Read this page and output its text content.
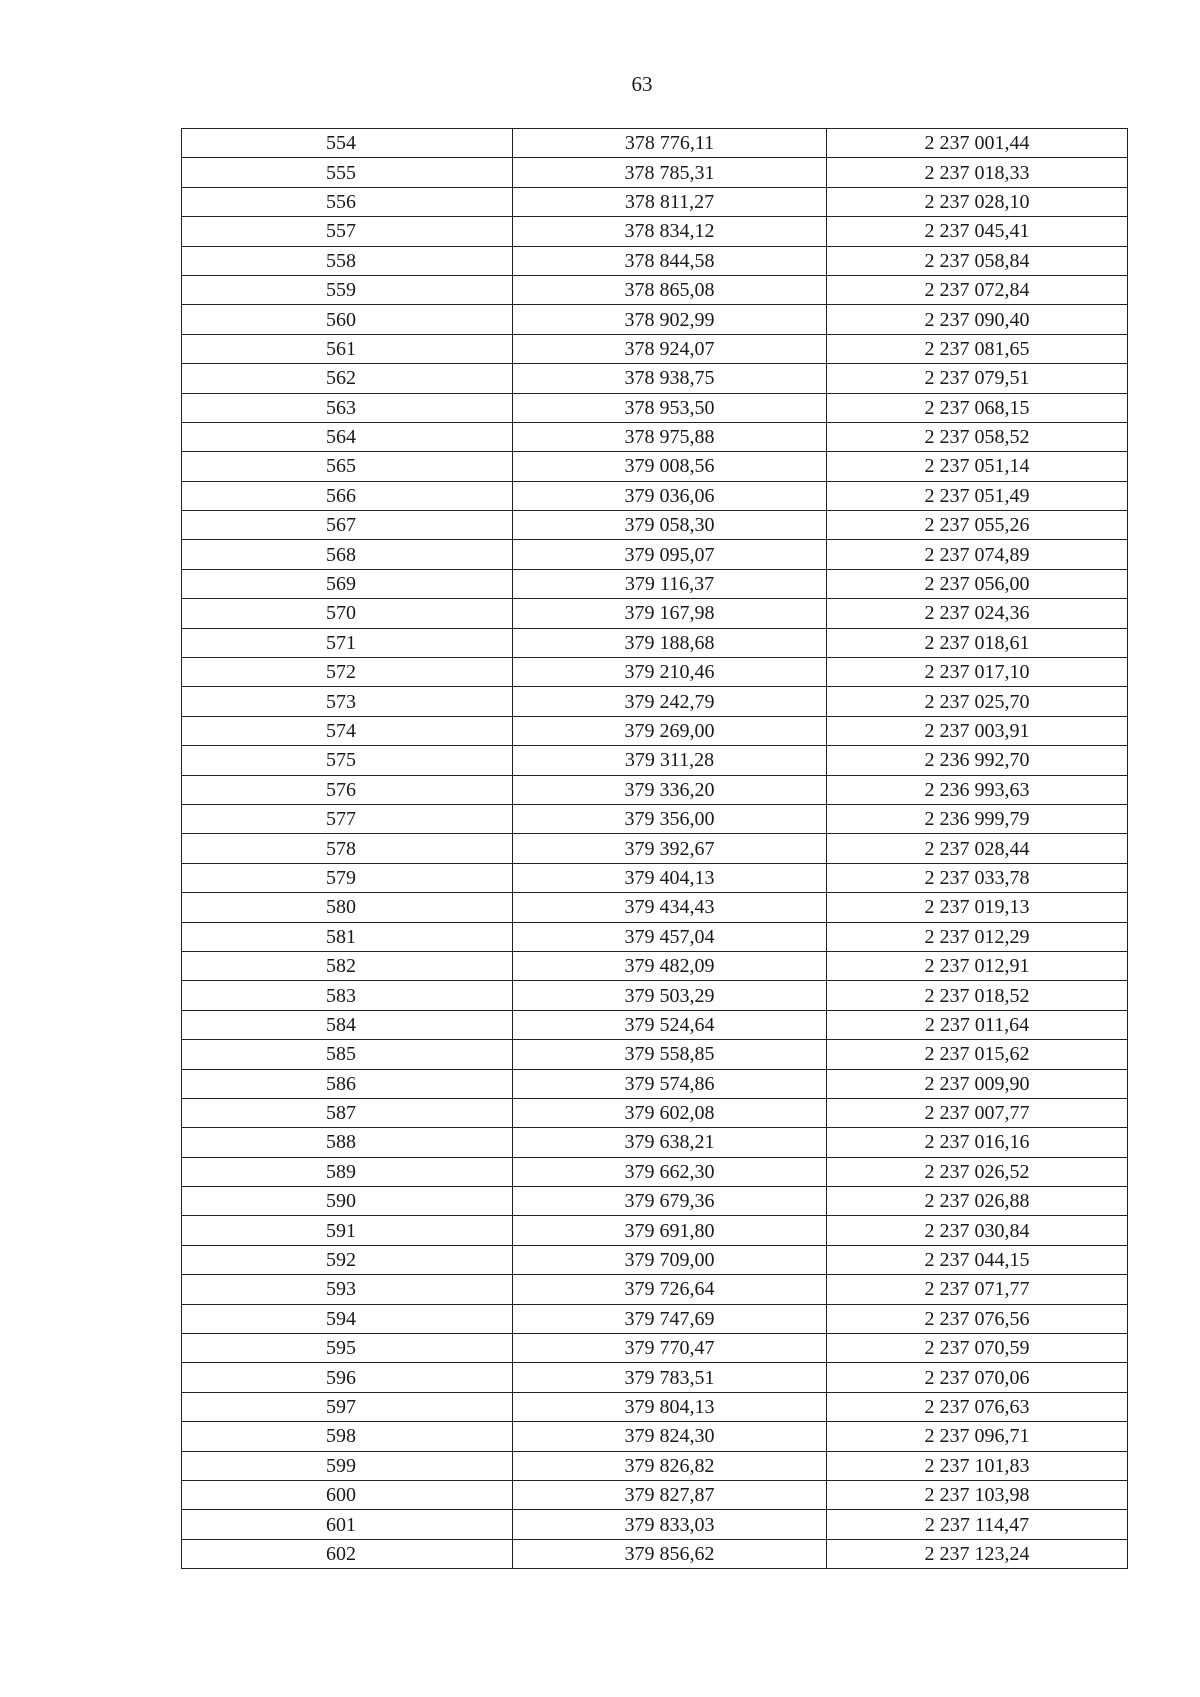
63
554	378 776,11	2 237 001,44
555	378 785,31	2 237 018,33
556	378 811,27	2 237 028,10
557	378 834,12	2 237 045,41
558	378 844,58	2 237 058,84
559	378 865,08	2 237 072,84
560	378 902,99	2 237 090,40
561	378 924,07	2 237 081,65
562	378 938,75	2 237 079,51
563	378 953,50	2 237 068,15
564	378 975,88	2 237 058,52
565	379 008,56	2 237 051,14
566	379 036,06	2 237 051,49
567	379 058,30	2 237 055,26
568	379 095,07	2 237 074,89
569	379 116,37	2 237 056,00
570	379 167,98	2 237 024,36
571	379 188,68	2 237 018,61
572	379 210,46	2 237 017,10
573	379 242,79	2 237 025,70
574	379 269,00	2 237 003,91
575	379 311,28	2 236 992,70
576	379 336,20	2 236 993,63
577	379 356,00	2 236 999,79
578	379 392,67	2 237 028,44
579	379 404,13	2 237 033,78
580	379 434,43	2 237 019,13
581	379 457,04	2 237 012,29
582	379 482,09	2 237 012,91
583	379 503,29	2 237 018,52
584	379 524,64	2 237 011,64
585	379 558,85	2 237 015,62
586	379 574,86	2 237 009,90
587	379 602,08	2 237 007,77
588	379 638,21	2 237 016,16
589	379 662,30	2 237 026,52
590	379 679,36	2 237 026,88
591	379 691,80	2 237 030,84
592	379 709,00	2 237 044,15
593	379 726,64	2 237 071,77
594	379 747,69	2 237 076,56
595	379 770,47	2 237 070,59
596	379 783,51	2 237 070,06
597	379 804,13	2 237 076,63
598	379 824,30	2 237 096,71
599	379 826,82	2 237 101,83
600	379 827,87	2 237 103,98
601	379 833,03	2 237 114,47
602	379 856,62	2 237 123,24
